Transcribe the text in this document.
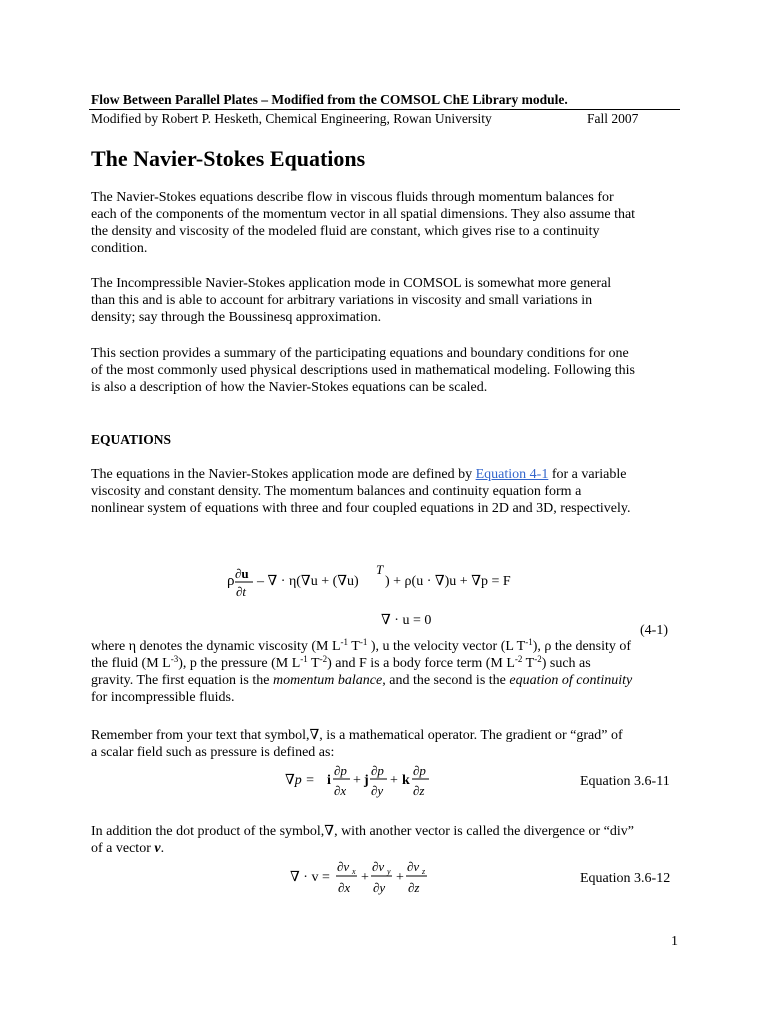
Flow Between Parallel Plates – Modified from the COMSOL ChE Library module.
Modified by Robert P. Hesketh, Chemical Engineering, Rowan University	Fall 2007
The Navier-Stokes Equations
The Navier-Stokes equations describe flow in viscous fluids through momentum balances for
each of the components of the momentum vector in all spatial dimensions. They also assume that
the density and viscosity of the modeled fluid are constant, which gives rise to a continuity
condition.
The Incompressible Navier-Stokes application mode in COMSOL is somewhat more general
than this and is able to account for arbitrary variations in viscosity and small variations in
density; say through the Boussinesq approximation.
This section provides a summary of the participating equations and boundary conditions for one
of the most commonly used physical descriptions used in mathematical modeling. Following this
is also a description of how the Navier-Stokes equations can be scaled.
EQUATIONS
The equations in the Navier-Stokes application mode are defined by Equation 4-1 for a variable
viscosity and constant density. The momentum balances and continuity equation form a
nonlinear system of equations with three and four coupled equations in 2D and 3D, respectively.
ρ ∂u
∂t
– ∇ · η(∇u + (∇u)
T
) + ρ(u · ∇)u + ∇p = F
∇ · u = 0
(4-1)
where η denotes the dynamic viscosity (M $L^{-1}$ $T^{-1}$ ), u the velocity vector (L $T^{-1}$), ρ the density of
the fluid (M $L^{-3}$), p the pressure (M $L^{-1}$ $T^{-2}$) and F is a body force term (M $L^{-2}$ $T^{-2}$) such as
gravity. The first equation is the momentum balance, and the second is the equation of continuity
for incompressible fluids.
Remember from your text that symbol,∇, is a mathematical operator. The gradient or “grad” of
a scalar field such as pressure is defined as:
∇p = i
∂p
∂x
+ j
∂p
∂y
+ k
∂p
∂z
Equation 3.6-11
In addition the dot product of the symbol,∇, with another vector is called the divergence or “div”
of a vector v.
∇ · v =
∂v x
∂x
+
∂v y
∂y
+
∂v z
∂z
Equation 3.6-12
1
